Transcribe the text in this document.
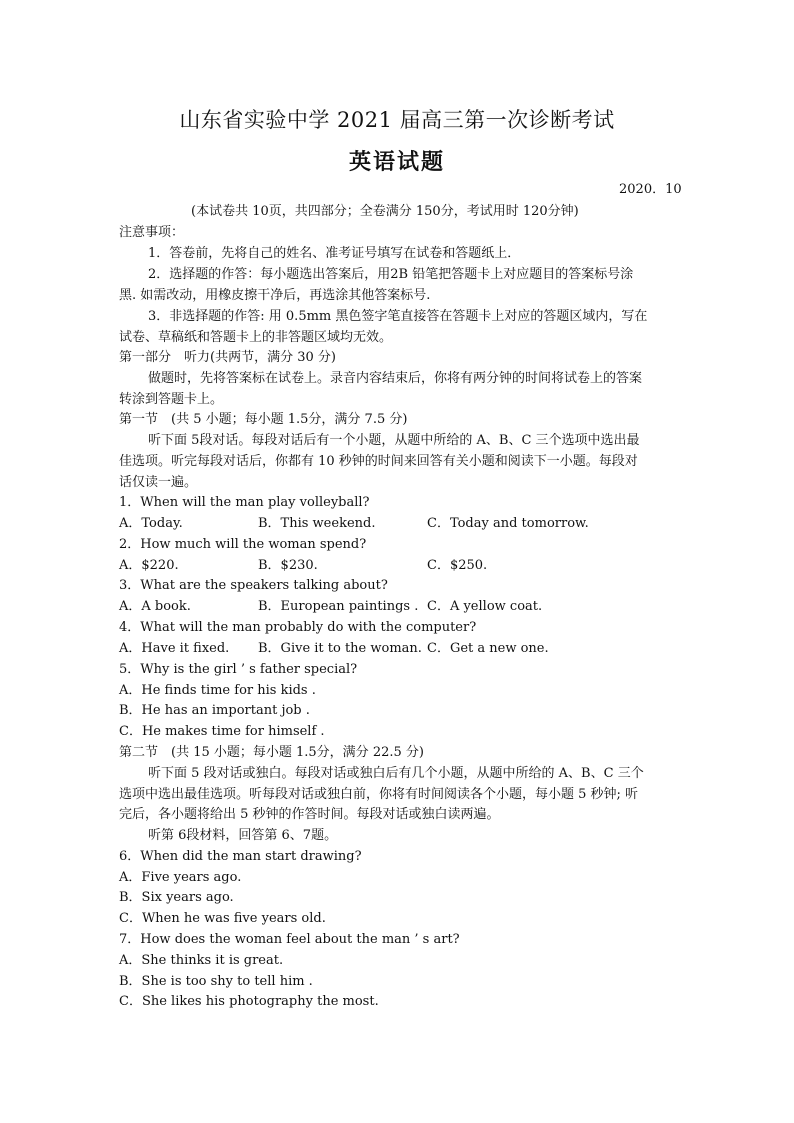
山东省实验中学 2021 届高三第一次诊断考试
英语试题
2020．10
(本试卷共 10页，共四部分；全卷满分 150分，考试用时 120分钟)
注意事项：
1．答卷前，先将自己的姓名、准考证号填写在试卷和答题纸上．
2．选择题的作答：每小题选出答案后，用2B 铅笔把答题卡上对应题目的答案标号涂
黑. 如需改动，用橡皮擦干净后，再选涂其他答案标号.
3．非选择题的作答: 用 0.5mm 黑色签字笔直接答在答题卡上对应的答题区域内，写在
试卷、草稿纸和答题卡上的非答题区域均无效。
第一部分　听力(共两节，满分 30 分)
做题时，先将答案标在试卷上。录音内容结束后，你将有两分钟的时间将试卷上的答案
转涂到答题卡上。
第一节　(共 5 小题；每小题 1.5分，满分 7.5 分)
听下面 5段对话。每段对话后有一个小题，从题中所给的 A、B、C 三个选项中选出最
佳选项。听完每段对话后，你都有 10 秒钟的时间来回答有关小题和阅读下一小题。每段对
话仅读一遍。
1．When will the man play volleyball?
A．Today.	B．This weekend.	C．Today and tomorrow.
2．How much will the woman spend?
A．$220.	B．$230.	C．$250.
3．What are the speakers talking about?
A．A book.	B．European paintings . C．A yellow coat.
4．What will the man probably do with the computer?
A．Have it fixed. B．Give it to the woman. C．Get a new one.
5．Why is the girl ’ s father special?
A．He finds time for his kids .
B．He has an important job .
C．He makes time for himself .
第二节　(共 15 小题；每小题 1.5分，满分 22.5 分)
听下面 5 段对话或独白。每段对话或独白后有几个小题，从题中所给的 A、B、C 三个
选项中选出最佳选项。听每段对话或独白前，你将有时间阅读各个小题，每小题 5 秒钟; 听
完后，各小题将给出 5 秒钟的作答时间。每段对话或独白读两遍。
听第 6段材料，回答第 6、7题。
6．When did the man start drawing?
A．Five years ago.
B．Six years ago.
C．When he was five years old.
7．How does the woman feel about the man ’ s art?
A．She thinks it is great.
B．She is too shy to tell him .
C．She likes his photography the most.
